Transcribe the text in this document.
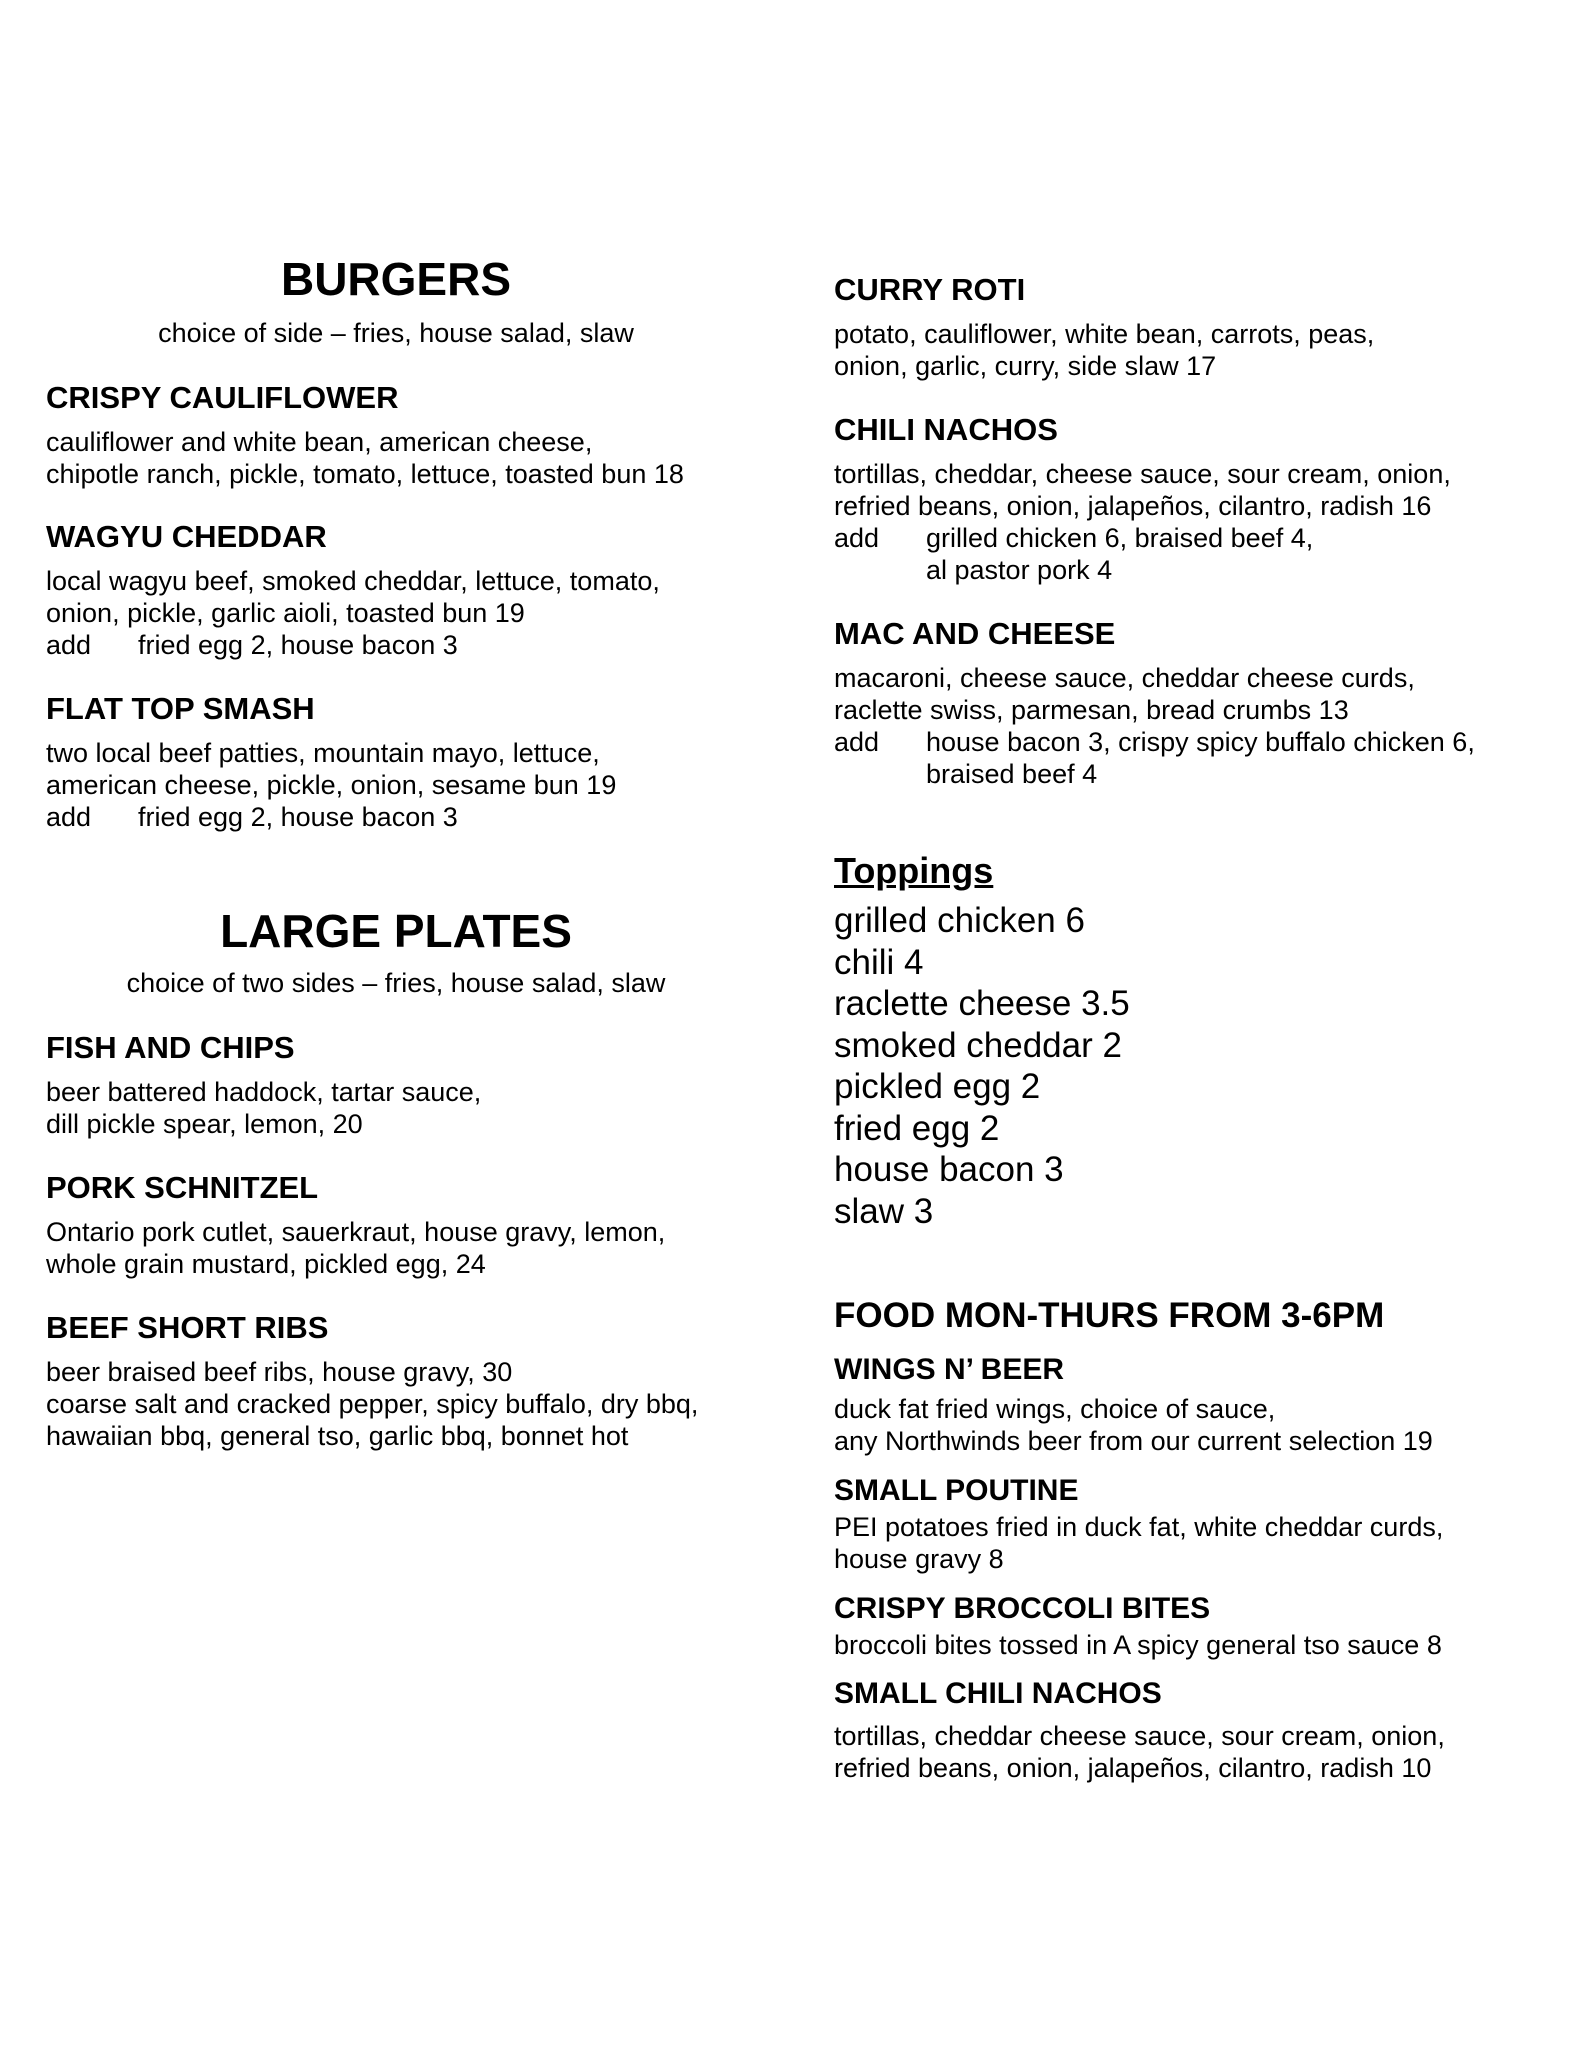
BURGERS
choice of side – fries, house salad, slaw
CRISPY CAULIFLOWER
cauliflower and white bean, american cheese,
chipotle ranch, pickle, tomato, lettuce, toasted bun 18
WAGYU CHEDDAR
local wagyu beef, smoked cheddar, lettuce, tomato,
onion, pickle, garlic aioli, toasted bun 19
add fried egg 2, house bacon 3
FLAT TOP SMASH
two local beef patties, mountain mayo, lettuce,
american cheese, pickle, onion, sesame bun 19
add fried egg 2, house bacon 3
LARGE PLATES
choice of two sides – fries, house salad, slaw
FISH AND CHIPS
beer battered haddock, tartar sauce,
dill pickle spear, lemon, 20
PORK SCHNITZEL
Ontario pork cutlet, sauerkraut, house gravy, lemon,
whole grain mustard, pickled egg, 24
BEEF SHORT RIBS
beer braised beef ribs, house gravy, 30
coarse salt and cracked pepper, spicy buffalo, dry bbq,
hawaiian bbq, general tso, garlic bbq, bonnet hot
CURRY ROTI
potato, cauliflower, white bean, carrots, peas,
onion, garlic, curry, side slaw 17
CHILI NACHOS
tortillas, cheddar, cheese sauce, sour cream, onion,
refried beans, onion, jalapeños, cilantro, radish 16
add grilled chicken 6, braised beef 4,
al pastor pork 4
MAC AND CHEESE
macaroni, cheese sauce, cheddar cheese curds,
raclette swiss, parmesan, bread crumbs 13
add house bacon 3, crispy spicy buffalo chicken 6,
braised beef 4
Toppings
grilled chicken 6
chili 4
raclette cheese 3.5
smoked cheddar 2
pickled egg 2
fried egg 2
house bacon 3
slaw 3
FOOD MON-THURS FROM 3-6PM
WINGS N’ BEER
duck fat fried wings, choice of sauce,
any Northwinds beer from our current selection 19
SMALL POUTINE
PEI potatoes fried in duck fat, white cheddar curds,
house gravy 8
CRISPY BROCCOLI BITES
broccoli bites tossed in A spicy general tso sauce 8
SMALL CHILI NACHOS
tortillas, cheddar cheese sauce, sour cream, onion,
refried beans, onion, jalapeños, cilantro, radish 10
